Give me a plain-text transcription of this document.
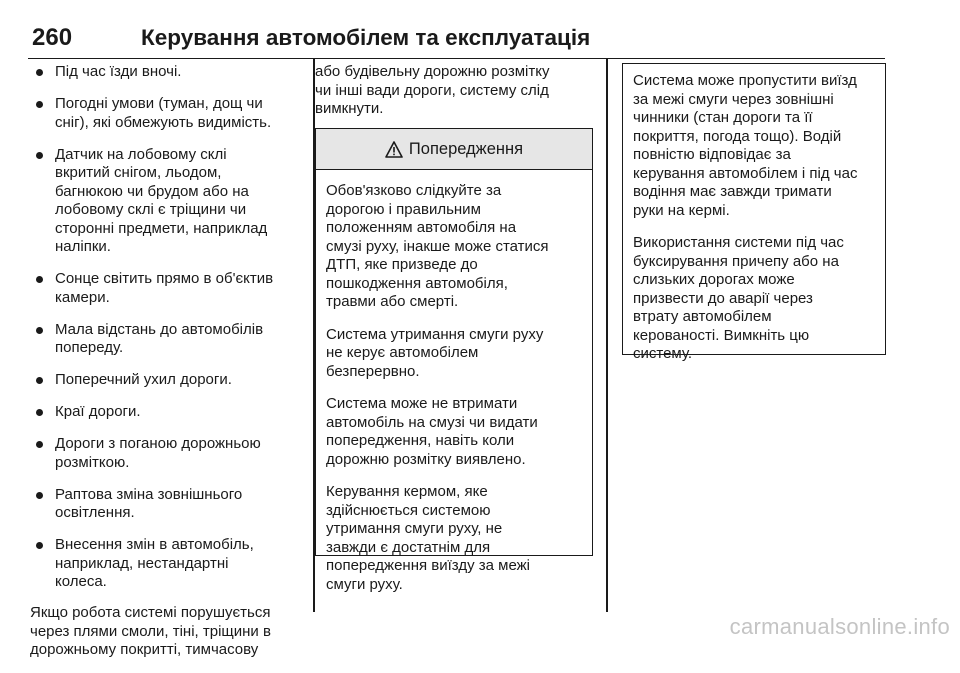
260	Керування автомобілем та експлуатація
Під час їзди вночі.
Погодні умови (туман, дощ чи
сніг), які обмежують видимість.
Датчик на лобовому склі
вкритий снігом, льодом,
багнюкою чи брудом або на
лобовому склі є тріщини чи
сторонні предмети, наприклад
наліпки.
Сонце світить прямо в об'єктив
камери.
Мала відстань до автомобілів
попереду.
Поперечний ухил дороги.
Краї дороги.
Дороги з поганою дорожньою
розміткою.
Раптова зміна зовнішнього
освітлення.
Внесення змін в автомобіль,
наприклад, нестандартні
колеса.

Якщо робота системі порушується
через плями смоли, тіні, тріщини в
дорожньому покритті, тимчасову

або будівельну дорожню розмітку
чи інші вади дороги, систему слід
вимкнути.

Попередження

Обов'язково слідкуйте за
дорогою і правильним
положенням автомобіля на
смузі руху, інакше може статися
ДТП, яке призведе до
пошкодження автомобіля,
травми або смерті.

Система утримання смуги руху
не керує автомобілем
безперервно.

Система може не втримати
автомобіль на смузі чи видати
попередження, навіть коли
дорожню розмітку виявлено.

Керування кермом, яке
здійснюється системою
утримання смуги руху, не
завжди є достатнім для
попередження виїзду за межі
смуги руху.

Система може пропустити виїзд
за межі смуги через зовнішні
чинники (стан дороги та її
покриття, погода тощо). Водій
повністю відповідає за
керування автомобілем і під час
водіння має завжди тримати
руки на кермі.

Використання системи під час
буксирування причепу або на
слизьких дорогах може
призвести до аварії через
втрату автомобілем
керованості. Вимкніть цю
систему.

carmanualsonline.info
